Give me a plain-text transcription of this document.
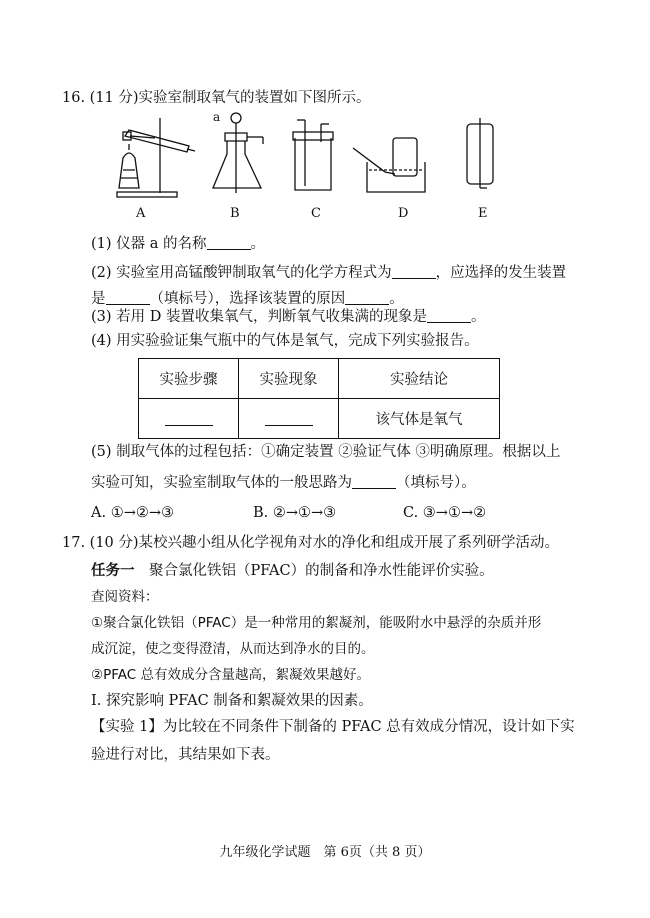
16. (11 分)实验室制取氧气的装置如下图所示。
a
A	B	C	D	E
(1) 仪器 a 的名称	。
(2) 实验室用高锰酸钾制取氧气的化学方程式为	，应选择的发生装置
是	（填标号），选择该装置的原因	。
(3) 若用 D 装置收集氧气，判断氧气收集满的现象是	。
(4) 用实验验证集气瓶中的气体是氧气，完成下列实验报告。
实验步骤	实验现象	实验结论
		该气体是氧气
(5) 制取气体的过程包括：①确定装置 ②验证气体 ③明确原理。根据以上
实验可知，实验室制取气体的一般思路为	（填标号）。
A. ①→②→③	B. ②→①→③	C. ③→①→②
17. (10 分)某校兴趣小组从化学视角对水的净化和组成开展了系列研学活动。
任务一　 聚合氯化铁铝（PFAC）的制备和净水性能评价实验。
查阅资料：
①聚合氯化铁铝（PFAC）是一种常用的絮凝剂，能吸附水中悬浮的杂质并形
成沉淀，使之变得澄清，从而达到净水的目的。
②PFAC 总有效成分含量越高，絮凝效果越好。
I. 探究影响 PFAC 制备和絮凝效果的因素。
【实验 1】为比较在不同条件下制备的 PFAC 总有效成分情况，设计如下实
验进行对比，其结果如下表。
九年级化学试题　第 6页（共 8 页）
